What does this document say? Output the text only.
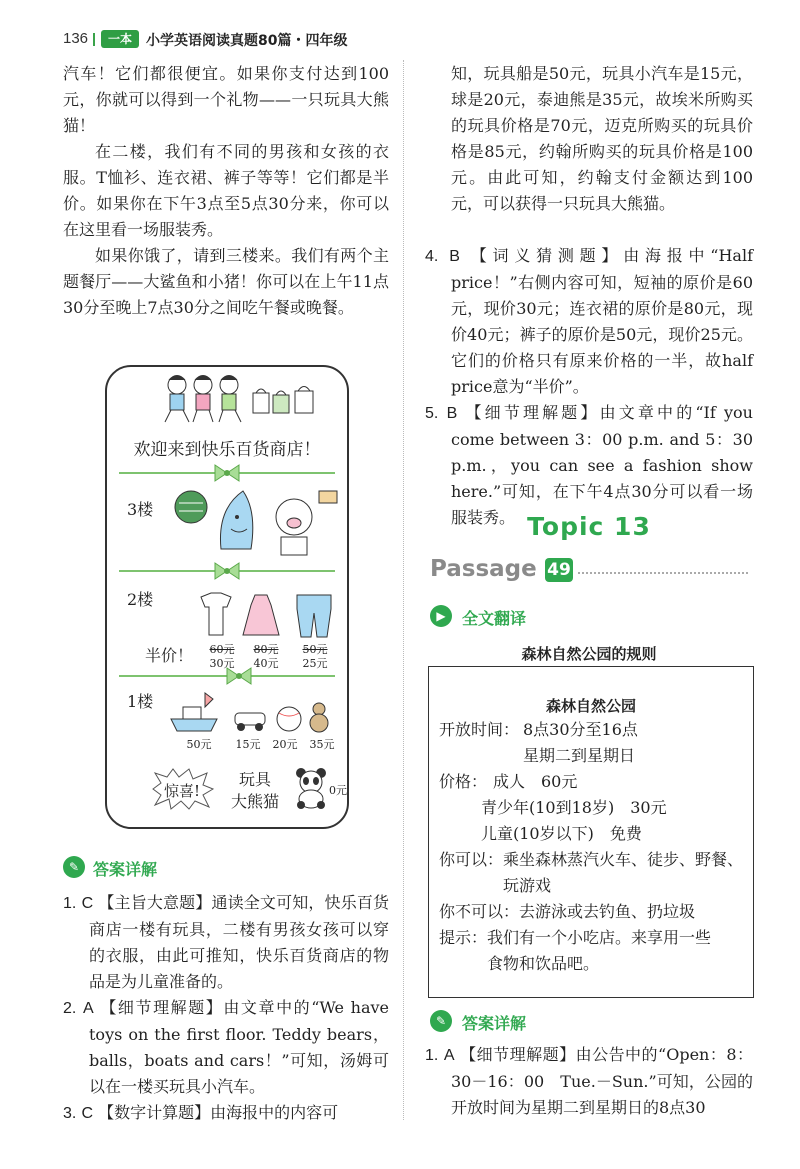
136	一本	小学英语阅读真题80篇・四年级

汽车！它们都很便宜。如果你支付达到100元，你就可以得到一个礼物——一只玩具大熊猫！

在二楼，我们有不同的男孩和女孩的衣服。T恤衫、连衣裙、裤子等等！它们都是半价。如果你在下午3点至5点30分来，你可以在这里看一场服装秀。

如果你饿了，请到三楼来。我们有两个主题餐厅——大鲨鱼和小猪！你可以在上午11点30分至晚上7点30分之间吃午餐或晚餐。

欢迎来到快乐百货商店！
3楼
2楼
半价！	60元
30元
80元
40元
50元
25元
1楼
50元	15元	20元	35元
惊喜!
玩具
大熊猫
0元
✎ 答案详解

1. C 【主旨大意题】通读全文可知，快乐百货商店一楼有玩具，二楼有男孩女孩可以穿的衣服，由此可推知，快乐百货商店的物品是为儿童准备的。

2. A 【细节理解题】由文章中的“We have toys on the first floor. Teddy bears，balls，boats and cars！”可知，汤姆可以在一楼买玩具小汽车。

3. C 【数字计算题】由海报中的内容可

知，玩具船是50元，玩具小汽车是15元，球是20元，泰迪熊是35元，故埃米所购买的玩具价格是70元，迈克所购买的玩具价格是85元，约翰所购买的玩具价格是100元。由此可知，约翰支付金额达到100元，可以获得一只玩具大熊猫。

4. B 【词义猜测题】由海报中“Half price！”右侧内容可知，短袖的原价是60元，现价30元；连衣裙的原价是80元，现价40元；裤子的原价是50元，现价25元。它们的价格只有原来价格的一半，故half price意为“半价”。

5. B 【细节理解题】由文章中的“If you come between 3：00 p.m. and 5：30 p.m.，you can see a fashion show here.”可知，在下午4点30分可以看一场服装秀。 Topic 13
Passage 49
▶	全文翻译
森林自然公园的规则
森林自然公园
开放时间： 8点30分至16点
星期二到星期日
价格： 成人　60元
青少年(10到18岁)　30元
儿童(10岁以下)　免费
你可以： 乘坐森林蒸汽火车、徒步、野餐、
玩游戏
你不可以： 去游泳或去钓鱼、扔垃圾
提示： 我们有一个小吃店。来享用一些
食物和饮品吧。
✎ 答案详解

1. A 【细节理解题】由公告中的“Open：8：30－16：00　Tue.－Sun.”可知，公园的开放时间为星期二到星期日的8点30
